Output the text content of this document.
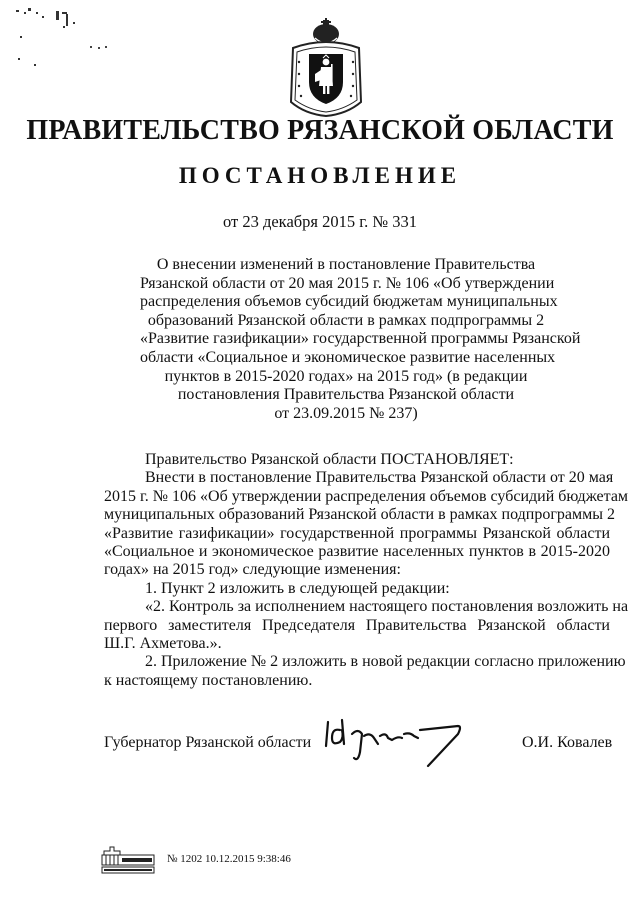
ПРАВИТЕЛЬСТВО РЯЗАНСКОЙ ОБЛАСТИ
ПОСТАНОВЛЕНИЕ
от 23 декабря 2015 г. № 331
О внесении изменений в постановление Правительства
Рязанской области от 20 мая 2015 г. № 106 «Об утверждении
распределения объемов субсидий бюджетам муниципальных
образований Рязанской области в рамках подпрограммы 2
«Развитие газификации» государственной программы Рязанской
области «Социальное и экономическое развитие населенных
пунктов в 2015-2020 годах» на 2015 год» (в редакции
постановления Правительства Рязанской области
от 23.09.2015 № 237)
Правительство Рязанской области ПОСТАНОВЛЯЕТ:
Внести в постановление Правительства Рязанской области от 20 мая
2015 г. № 106 «Об утверждении распределения объемов субсидий бюджетам
муниципальных образований Рязанской области в рамках подпрограммы 2
«Развитие газификации» государственной программы Рязанской области
«Социальное и экономическое развитие населенных пунктов в 2015-2020
годах» на 2015 год» следующие изменения:
1. Пункт 2 изложить в следующей редакции:
«2. Контроль за исполнением настоящего постановления возложить на
первого заместителя Председателя Правительства Рязанской области
Ш.Г. Ахметова.».
2. Приложение № 2 изложить в новой редакции согласно приложению
к настоящему постановлению.
Губернатор Рязанской области	О.И. Ковалев
№ 1202 10.12.2015 9:38:46
